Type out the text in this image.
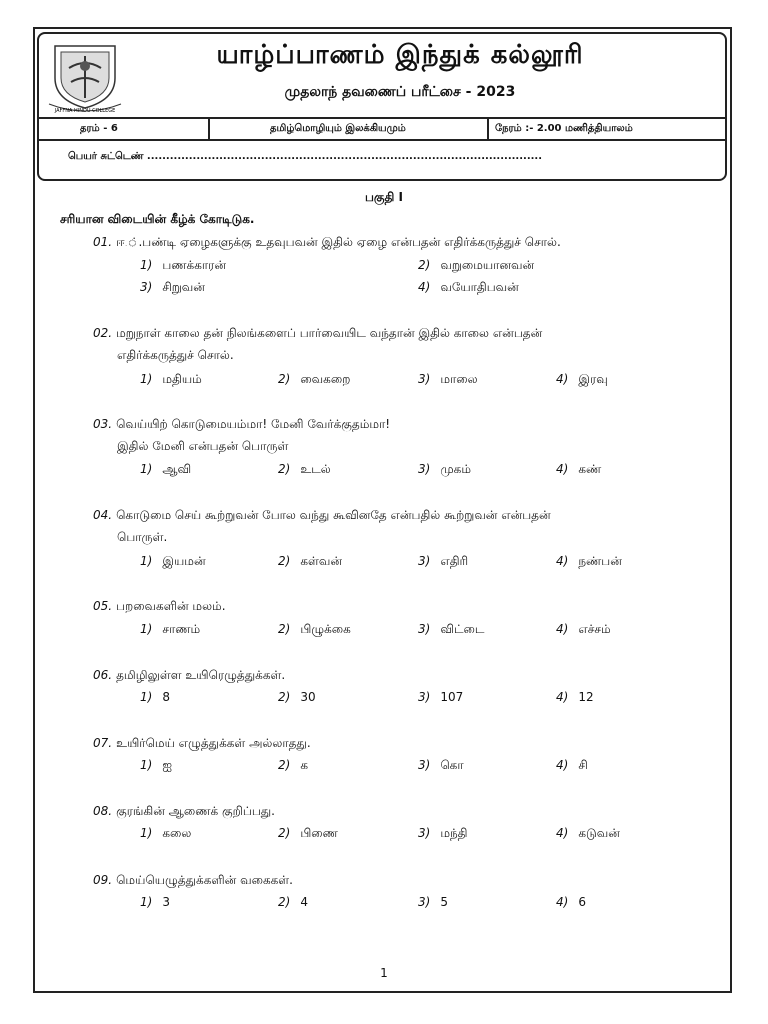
JAFFNA HINDU COLLEGE
யாழ்ப்பாணம் இந்துக் கல்லூரி
முதலாந் தவணைப் பரீட்சை - 2023
தரம் - 6	தமிழ்மொழியும் இலக்கியமும்	நேரம் :- 2.00 மணித்தியாலம்
பெயர் சுட்டெண் ........................................................................................................
பகுதி I
சரியான விடையின் கீழ்க் கோடிடுக.
01. ஈ.்.பண்டி ஏழைகளுக்கு உதவுபவன் இதில் ஏழை என்பதன் எதிர்க்கருத்துச் சொல்.
1) பணக்காரன்	2) வறுமையானவன்
3) சிறுவன்	4) வயோதிபவன்
02. மறுநாள் காலை தன் நிலங்களைப் பார்வையிட வந்தான் இதில் காலை என்பதன்
எதிர்க்கருத்துச் சொல்.
1) மதியம்	2) வைகறை	3) மாலை	4) இரவு
03. வெய்யிற் கொடுமையம்மா! மேனி வேர்க்குதம்மா!
இதில் மேனி என்பதன் பொருள்
1) ஆவி	2) உடல்	3) முகம்	4) கண்
04. கொடுமை செய் கூற்றுவன் போல வந்து கூவினதே என்பதில் கூற்றுவன் என்பதன்
பொருள்.
1) இயமன்	2) கள்வன்	3) எதிரி	4) நண்பன்
05. பறவைகளின் மலம்.
1) சாணம்	2) பிழுக்கை	3) விட்டை	4) எச்சம்
06. தமிழிலுள்ள உயிரெழுத்துக்கள்.
1) 8	2) 30	3) 107	4) 12
07. உயிர்மெய் எழுத்துக்கள் அல்லாதது.
1) ஐ	2) க	3) கொ	4) சி
08. குரங்கின் ஆணைக் குறிப்பது.
1) கலை	2) பிணை	3) மந்தி	4) கடுவன்
09. மெய்யெழுத்துக்களின் வகைகள்.
1) 3	2) 4	3) 5	4) 6
1
